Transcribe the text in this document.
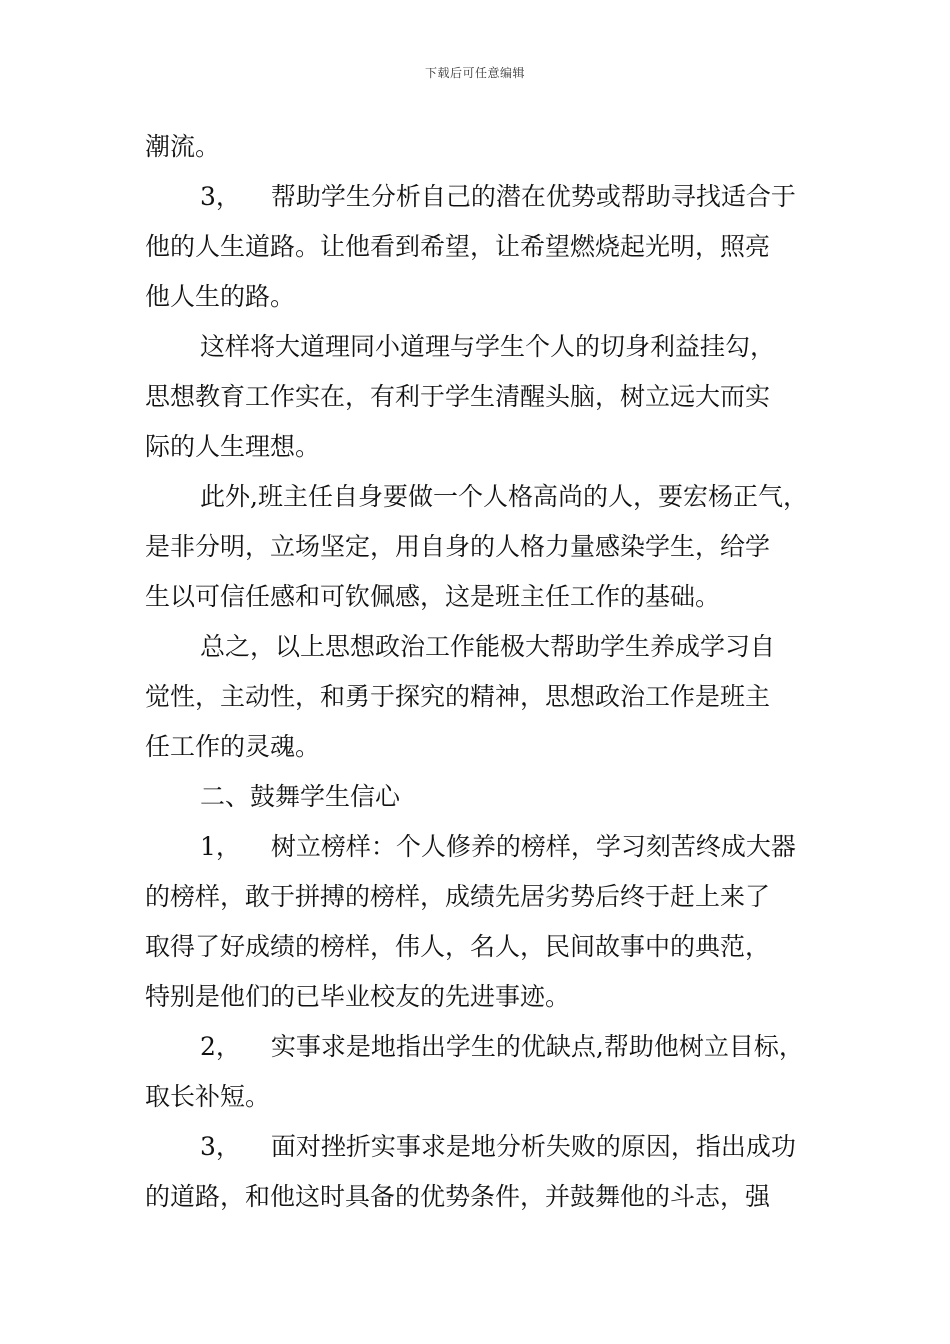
下载后可任意编辑
潮流。
3， 帮助学生分析自己的潜在优势或帮助寻找适合于
他的人生道路。让他看到希望，让希望燃烧起光明，照亮
他人生的路。
这样将大道理同小道理与学生个人的切身利益挂勾，
思想教育工作实在，有利于学生清醒头脑，树立远大而实
际的人生理想。
此外,班主任自身要做一个人格高尚的人，要宏杨正气，
是非分明，立场坚定，用自身的人格力量感染学生，给学
生以可信任感和可钦佩感，这是班主任工作的基础。
总之，以上思想政治工作能极大帮助学生养成学习自
觉性，主动性，和勇于探究的精神，思想政治工作是班主
任工作的灵魂。
二、鼓舞学生信心
1， 树立榜样：个人修养的榜样，学习刻苦终成大器
的榜样，敢于拼搏的榜样，成绩先居劣势后终于赶上来了
取得了好成绩的榜样，伟人，名人，民间故事中的典范，
特别是他们的已毕业校友的先进事迹。
2， 实事求是地指出学生的优缺点,帮助他树立目标，
取长补短。
3， 面对挫折实事求是地分析失败的原因，指出成功
的道路，和他这时具备的优势条件，并鼓舞他的斗志，强
